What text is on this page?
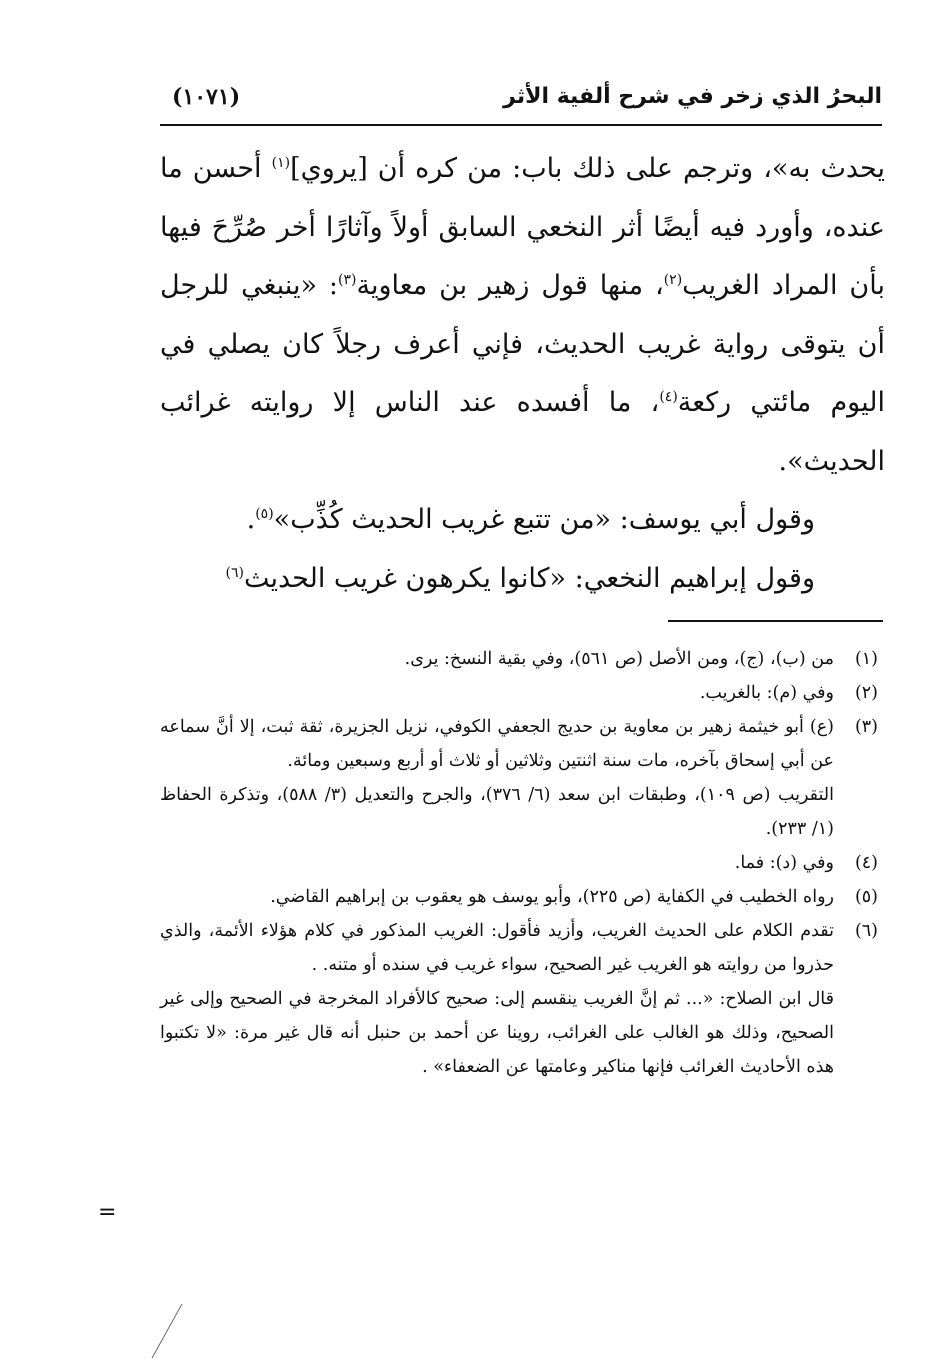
البحرُ الذي زخر في شرح ألفية الأثر
(١٠٧١)

يحدث به»، وترجم على ذلك باب: من كره أن [يروي]$^{(١)}$ أحسن ما عنده، وأورد فيه أيضًا أثر النخعي السابق أولاً وآثارًا أخر صُرِّحَ فيها بأن المراد الغريب$^{(٢)}$، منها قول زهير بن معاوية$^{(٣)}$: «ينبغي للرجل أن يتوقى رواية غريب الحديث، فإني أعرف رجلاً كان يصلي في اليوم مائتي ركعة$^{(٤)}$، ما أفسده عند الناس إلا روايته غرائب الحديث».

وقول أبي يوسف: «من تتبع غريب الحديث كُذِّب»$^{(٥)}$.

وقول إبراهيم النخعي: «كانوا يكرهون غريب الحديث$^{(٦)}$

(١)
من (ب)، (ج)، ومن الأصل (ص ٥٦١)، وفي بقية النسخ: يرى.
(٢)
وفي (م): بالغريب.
(٣)
(ع) أبو خيثمة زهير بن معاوية بن حديج الجعفي الكوفي، نزيل الجزيرة، ثقة ثبت، إلا أنَّ سماعه عن أبي إسحاق بآخره، مات سنة اثنتين وثلاثين أو ثلاث أو أربع وسبعين ومائة.
التقريب (ص ١٠٩)، وطبقات ابن سعد (٦/ ٣٧٦)، والجرح والتعديل (٣/ ٥٨٨)، وتذكرة الحفاظ (١/ ٢٣٣).
(٤)
وفي (د): فما.
(٥)
رواه الخطيب في الكفاية (ص ٢٢٥)، وأبو يوسف هو يعقوب بن إبراهيم القاضي.
(٦)
تقدم الكلام على الحديث الغريب، وأزيد فأقول: الغريب المذكور في كلام هؤلاء الأئمة، والذي حذروا من روايته هو الغريب غير الصحيح، سواء غريب في سنده أو متنه. .
قال ابن الصلاح: «... ثم إنَّ الغريب ينقسم إلى: صحيح كالأفراد المخرجة في الصحيح وإلى غير الصحيح، وذلك هو الغالب على الغرائب، روينا عن أحمد بن حنبل أنه قال غير مرة: «لا تكتبوا هذه الأحاديث الغرائب فإنها مناكير وعامتها عن الضعفاء» .
=
